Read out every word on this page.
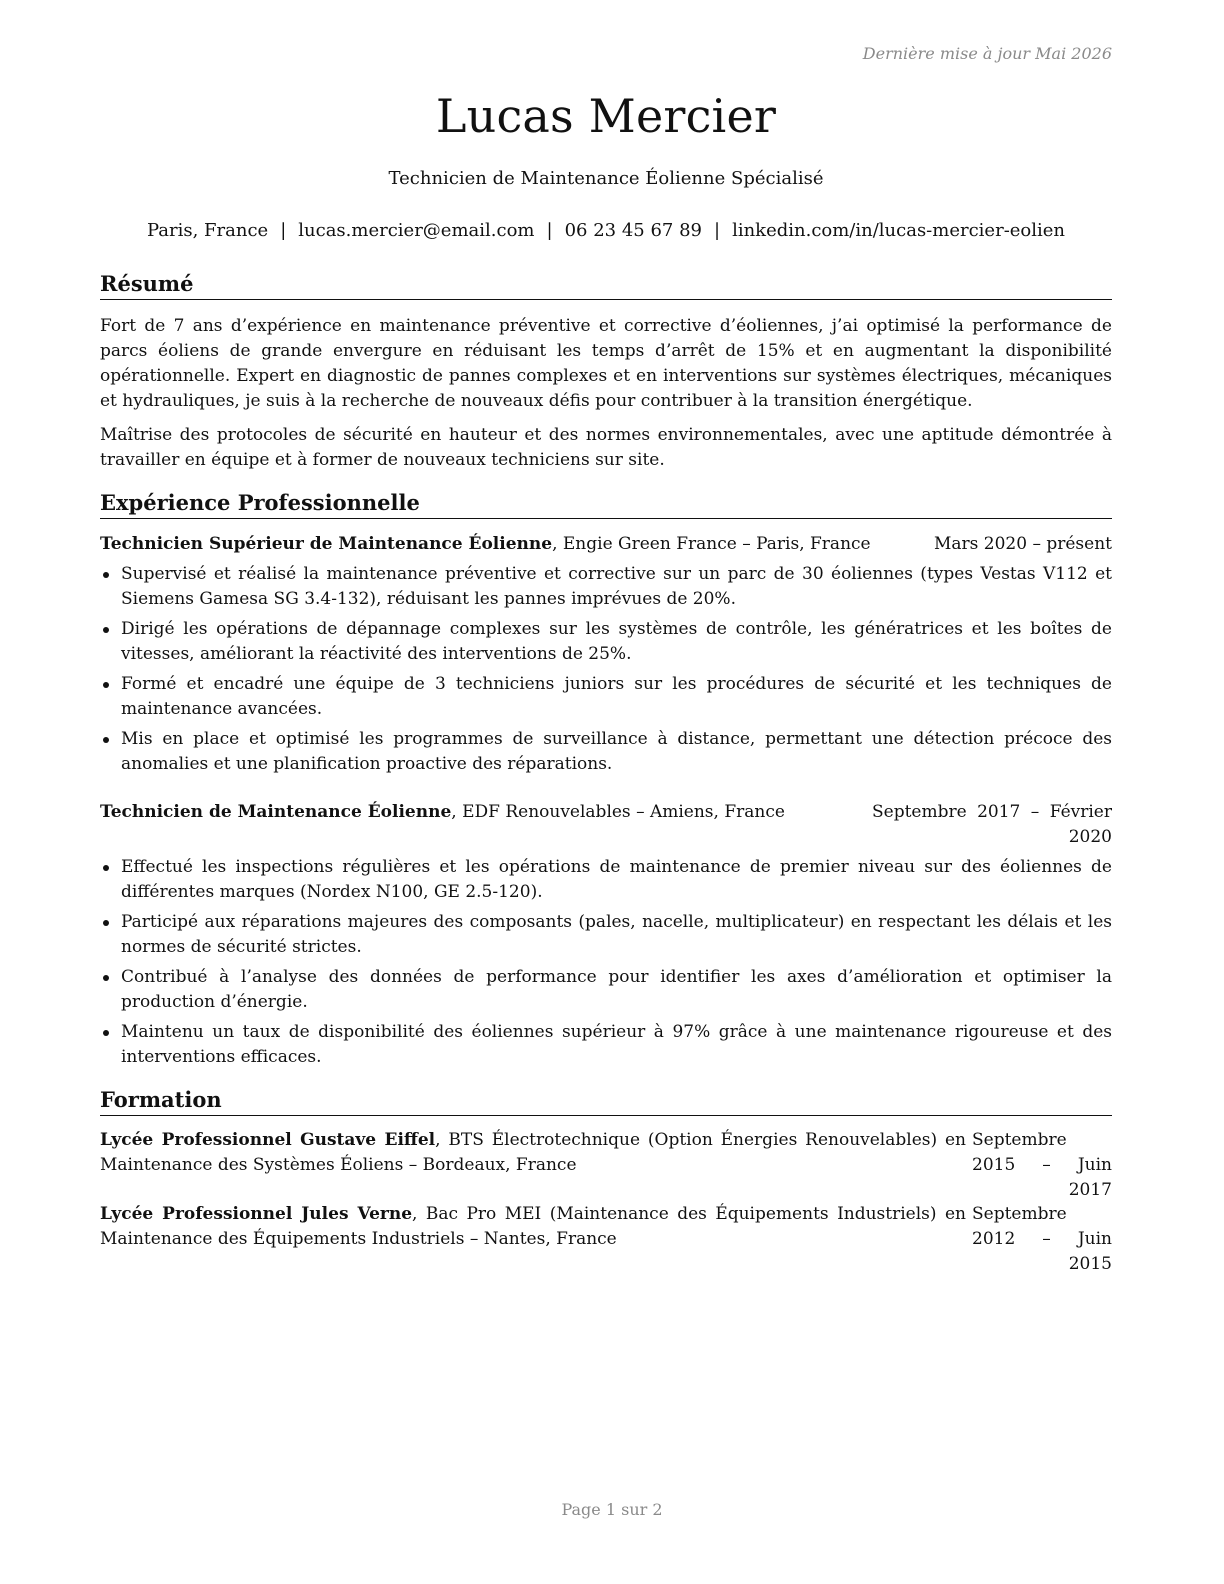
Dernière mise à jour Mai 2026
Lucas Mercier
Technicien de Maintenance Éolienne Spécialisé
Paris, France | lucas.mercier@email.com | 06 23 45 67 89 | linkedin.com/in/lucas-mercier-eolien
Résumé

Fort de 7 ans d’expérience en maintenance préventive et corrective d’éoliennes, j’ai optimisé la performance de parcs éoliens de grande envergure en réduisant les temps d’arrêt de 15% et en augmentant la disponibilité opérationnelle. Expert en diagnostic de pannes complexes et en interventions sur systèmes électriques, mécaniques et hydrauliques, je suis à la recherche de nouveaux défis pour contribuer à la transition énergétique.

Maîtrise des protocoles de sécurité en hauteur et des normes environnementales, avec une aptitude démontrée à travailler en équipe et à former de nouveaux techniciens sur site.

Expérience Professionnelle
Technicien Supérieur de Maintenance Éolienne, Engie Green France – Paris, France	Mars 2020 – présent
Supervisé et réalisé la maintenance préventive et corrective sur un parc de 30 éoliennes (types Vestas V112 et Siemens Gamesa SG 3.4-132), réduisant les pannes imprévues de 20%.
Dirigé les opérations de dépannage complexes sur les systèmes de contrôle, les génératrices et les boîtes de vitesses, améliorant la réactivité des interventions de 25%.
Formé et encadré une équipe de 3 techniciens juniors sur les procédures de sécurité et les techniques de maintenance avancées.
Mis en place et optimisé les programmes de surveillance à distance, permettant une détection précoce des anomalies et une planification proactive des réparations.
Technicien de Maintenance Éolienne, EDF Renouvelables – Amiens, France	Septembre 2017 – Février 2020
Effectué les inspections régulières et les opérations de maintenance de premier niveau sur des éoliennes de différentes marques (Nordex N100, GE 2.5-120).
Participé aux réparations majeures des composants (pales, nacelle, multiplicateur) en respectant les délais et les normes de sécurité strictes.
Contribué à l’analyse des données de performance pour identifier les axes d’amélioration et optimiser la production d’énergie.
Maintenu un taux de disponibilité des éoliennes supérieur à 97% grâce à une maintenance rigoureuse et des interventions efficaces.
Formation
Lycée Professionnel Gustave Eiffel, BTS Électrotechnique (Option Énergies Renouvelables) en Maintenance des Systèmes Éoliens – Bordeaux, France
Septembre 2015 – Juin 2017
Lycée Professionnel Jules Verne, Bac Pro MEI (Maintenance des Équipements Industriels) en Maintenance des Équipements Industriels – Nantes, France
Septembre 2012 – Juin 2015
Page 1 sur 2
